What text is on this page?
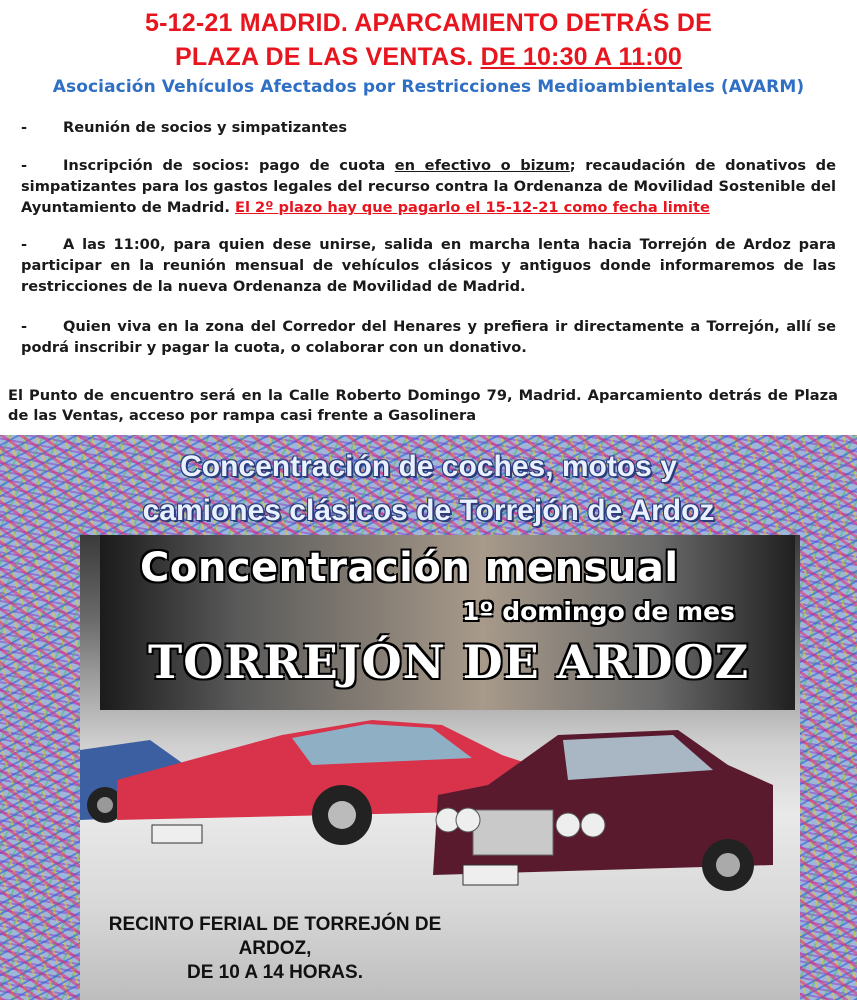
5-12-21 MADRID. APARCAMIENTO DETRÁS DE
PLAZA DE LAS VENTAS. DE 10:30 A 11:00
Asociación Vehículos Afectados por Restricciones Medioambientales (AVARM)
- Reunión de socios y simpatizantes
- Inscripción de socios: pago de cuota en efectivo o bizum; recaudación de donativos de simpatizantes para los gastos legales del recurso contra la Ordenanza de Movilidad Sostenible del Ayuntamiento de Madrid. El 2º plazo hay que pagarlo el 15-12-21 como fecha limite
- A las 11:00, para quien dese unirse, salida en marcha lenta hacia Torrejón de Ardoz para participar en la reunión mensual de vehículos clásicos y antiguos donde informaremos de las restricciones de la nueva Ordenanza de Movilidad de Madrid.
- Quien viva en la zona del Corredor del Henares y prefiera ir directamente a Torrejón, allí se podrá inscribir y pagar la cuota, o colaborar con un donativo.
El Punto de encuentro será en la Calle Roberto Domingo 79, Madrid. Aparcamiento detrás de Plaza de las Ventas, acceso por rampa casi frente a Gasolinera
Concentración de coches, motos y
camiones clásicos de Torrejón de Ardoz
Concentración mensual
1º domingo de mes
TORREJÓN DE ARDOZ
RECINTO FERIAL DE TORREJÓN DE
ARDOZ,
DE 10 A 14 HORAS.
